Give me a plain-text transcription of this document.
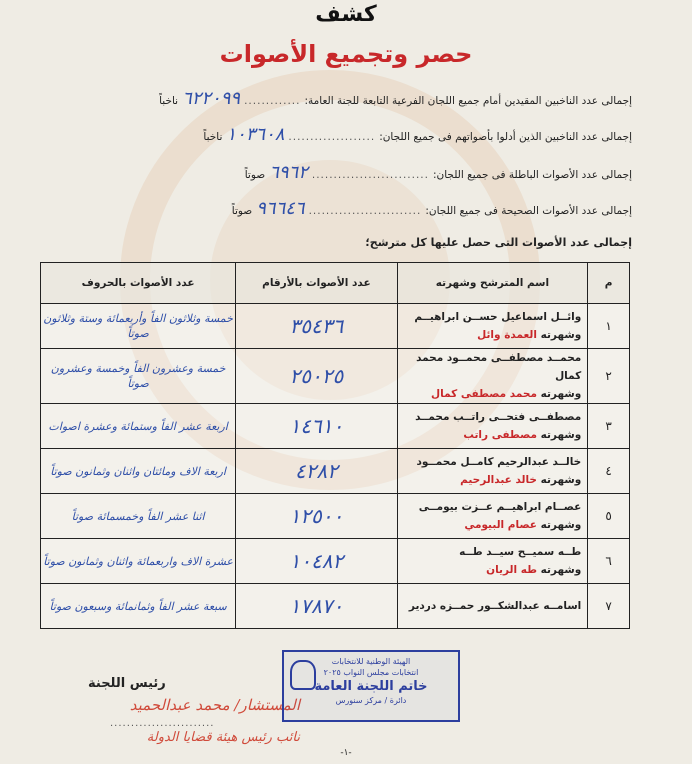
كشف
حصر وتجميع الأصوات
إجمالى عدد الناخبين المقيدين أمام جميع اللجان الفرعية التابعة للجنة العامة:
.............
٦٢٢٠٩٩
ناخباً
إجمالى عدد الناخبين الذين أدلوا بأصواتهم فى جميع اللجان:
....................
١٠٣٦٠٨
ناخباً
إجمالى عدد الأصوات الباطلة فى جميع اللجان:
...........................
٦٩٦٢
صوتاً
إجمالى عدد الأصوات الصحيحة فى جميع اللجان:
..........................
٩٦٦٤٦
صوتاً
إجمالى عدد الأصوات التى حصل عليها كل مترشح؛
م	اسم المترشح وشهرته	عدد الأصوات بالأرقام	عدد الأصوات بالحروف
١	وائــل اسماعيل حســن ابراهيــم
وشهرته العمدة وائل	٣٥٤٣٦	خمسة وثلاثون الفاً وأربعمائة وستة وثلاثون صوتاً
٢	محمــد مصطفــى محمــود محمد كمال
وشهرته محمد مصطفى كمال	٢٥٠٢٥	خمسة وعشرون الفاً وخمسة وعشرون صوتاً
٣	مصطفــى فتحــى راتــب محمــد
وشهرته مصطفى راتب	١٤٦١٠	اربعة عشر الفاً وستمائة وعشرة اصوات
٤	خالــد عبدالرحيم كامــل محمــود
وشهرته خالد عبدالرحيم	٤٢٨٢	اربعة الاف ومائتان واثنان وثمانون صوتاً
٥	عصــام ابراهيــم عــزت بيومــى
وشهرته عصام البيومي	١٢٥٠٠	اثنا عشر الفاً وخمسمائة صوتاً
٦	طــه سميــح سيــد طــه
وشهرته طه الريان	١٠٤٨٢	عشرة الاف واربعمائة واثنان وثمانون صوتاً
٧	اسامــه عبدالشكــور حمــزه دردير	١٧٨٧٠	سبعة عشر الفاً وثمانمائة وسبعون صوتاً
رئيس اللجنة
المستشار/ محمد عبدالحميد
.........................
نائب رئيس هيئة قضايا الدولة
الهيئة الوطنية للانتخابات
انتخابات مجلس النواب ٢٠٢٥
خاتم اللجنة العامة
دائرة / مركز سنورس
-١-
